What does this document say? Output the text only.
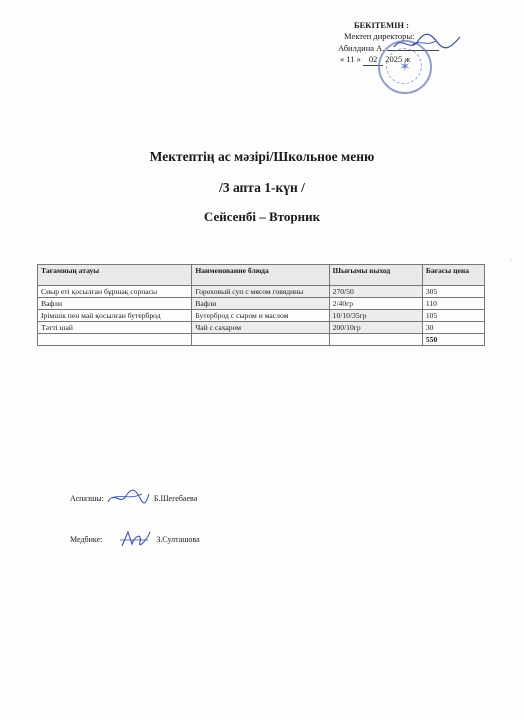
БЕКІТЕМІН :
Мектеп директоры:
Абилдина А.
« 11 » 02 2025 ж
✶
Мектептің ас мәзірі/Школьное меню
/3 апта 1-күн /
Сейсенбі – Вторник
·
Тағамның атауы	Наименование блюда	Шығымы выход	Бағасы цена
Сиыр еті қосылған бұршақ сорпасы	Гороховый суп с мясом говядины	270/50	305
Вафли	Вафли	2/40гр	110
Ірімшік пен май қосылған бутерброд	Бутерброд с сыром и маслом	10/10/35гр	105
Тәтті шай	Чай с сахаром	200/10гр	30
			550
Аспазшы:	Б.Шегебаева
Медбике:	З.Султашова
